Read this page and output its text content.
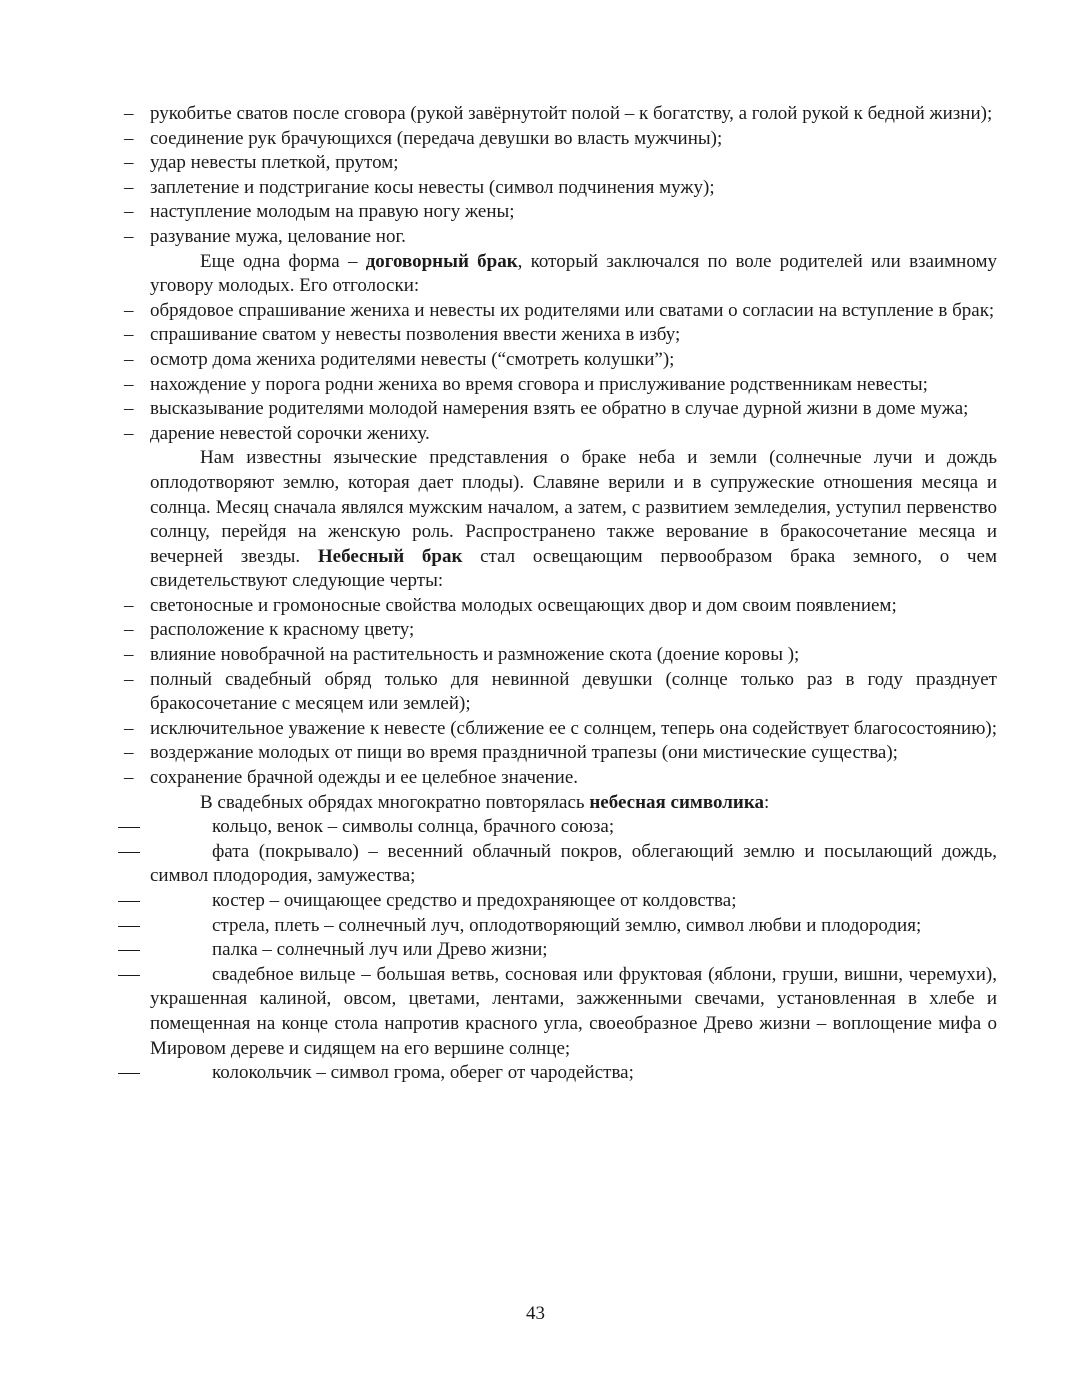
– рукобитье сватов после сговора (рукой завёрнутойт полой – к богатству, а голой рукой к бедной жизни);
– соединение рук брачующихся (передача девушки во власть мужчины);
– удар невесты плеткой, прутом;
– заплетение и подстригание косы невесты (символ подчинения мужу);
– наступление молодым на правую ногу жены;
– разувание мужа, целование ног.
Еще одна форма – договорный брак, который заключался по воле родителей или взаимному уговору молодых. Его отголоски:
– обрядовое спрашивание жениха и невесты их родителями или сватами о согласии на вступление в брак;
– спрашивание сватом у невесты позволения ввести жениха в избу;
– осмотр дома жениха родителями невесты (“смотреть колушки”);
– нахождение у порога родни жениха во время сговора и прислуживание родственникам невесты;
– высказывание родителями молодой намерения взять ее обратно в случае дурной жизни в доме мужа;
– дарение невестой сорочки жениху.
Нам известны языческие представления о браке неба и земли (солнечные лучи и дождь оплодотворяют землю, которая дает плоды). Славяне верили и в супружеские отношения месяца и солнца. Месяц сначала являлся мужским началом, а затем, с развитием земледелия, уступил первенство солнцу, перейдя на женскую роль. Распространено также верование в бракосочетание месяца и вечерней звезды. Небесный брак стал освещающим первообразом брака земного, о чем свидетельствуют следующие черты:
– светоносные и громоносные свойства молодых освещающих двор и дом своим появлением;
– расположение к красному цвету;
– влияние новобрачной на растительность и размножение скота (доение коровы );
– полный свадебный обряд только для невинной девушки (солнце только раз в году празднует бракосочетание с месяцем или землей);
– исключительное уважение к невесте (сближение ее с солнцем, теперь она содействует благосостоянию);
– воздержание молодых от пищи во время праздничной трапезы (они мистические существа);
– сохранение брачной одежды и ее целебное значение.
В свадебных обрядах многократно повторялась небесная символика:
кольцо, венок – символы солнца, брачного союза;
фата (покрывало) – весенний облачный покров, облегающий землю и посылающий дождь, символ плодородия, замужества;
костер – очищающее средство и предохраняющее от колдовства;
стрела, плеть – солнечный луч, оплодотворяющий землю, символ любви и плодородия;
палка – солнечный луч или Древо жизни;
свадебное вильце – большая ветвь, сосновая или фруктовая (яблони, груши, вишни, черемухи), украшенная калиной, овсом, цветами, лентами, зажженными свечами, установленная в хлебе и помещенная на конце стола напротив красного угла, своеобразное Древо жизни – воплощение мифа о Мировом дереве и сидящем на его вершине солнце;
колокольчик – символ грома, оберег от чародейства;
43
